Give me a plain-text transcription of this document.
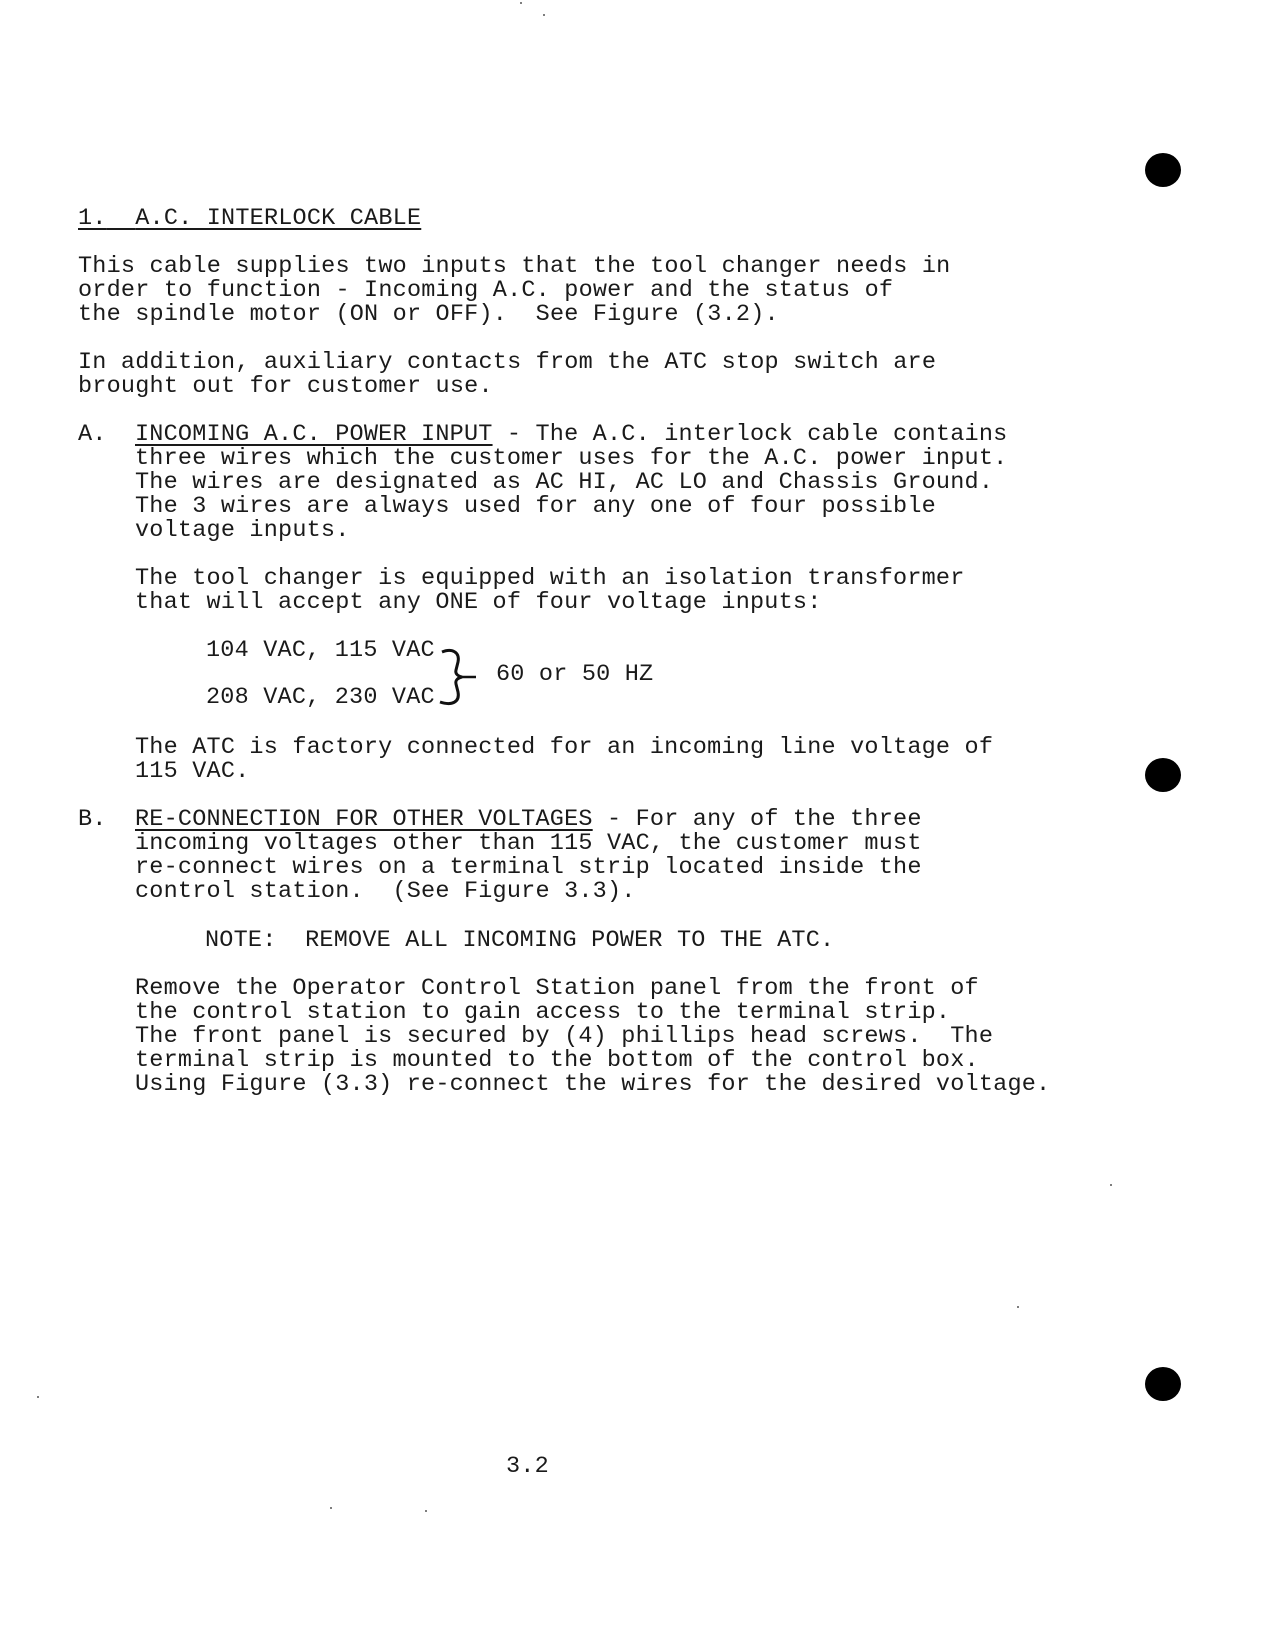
1. A.C. INTERLOCK CABLE
This cable supplies two inputs that the tool changer needs in
order to function - Incoming A.C. power and the status of
the spindle motor (ON or OFF).  See Figure (3.2).
In addition, auxiliary contacts from the ATC stop switch are
brought out for customer use.
A. INCOMING A.C. POWER INPUT - The A.C. interlock cable contains
three wires which the customer uses for the A.C. power input.
The wires are designated as AC HI, AC LO and Chassis Ground.
The 3 wires are always used for any one of four possible
voltage inputs.
The tool changer is equipped with an isolation transformer
that will accept any ONE of four voltage inputs:
104 VAC, 115 VAC
208 VAC, 230 VAC
60 or 50 HZ
The ATC is factory connected for an incoming line voltage of
115 VAC.
B. RE-CONNECTION FOR OTHER VOLTAGES - For any of the three
incoming voltages other than 115 VAC, the customer must
re-connect wires on a terminal strip located inside the
control station.  (See Figure 3.3).
NOTE:  REMOVE ALL INCOMING POWER TO THE ATC.
Remove the Operator Control Station panel from the front of
the control station to gain access to the terminal strip.
The front panel is secured by (4) phillips head screws.  The
terminal strip is mounted to the bottom of the control box.
Using Figure (3.3) re-connect the wires for the desired voltage.
3.2
